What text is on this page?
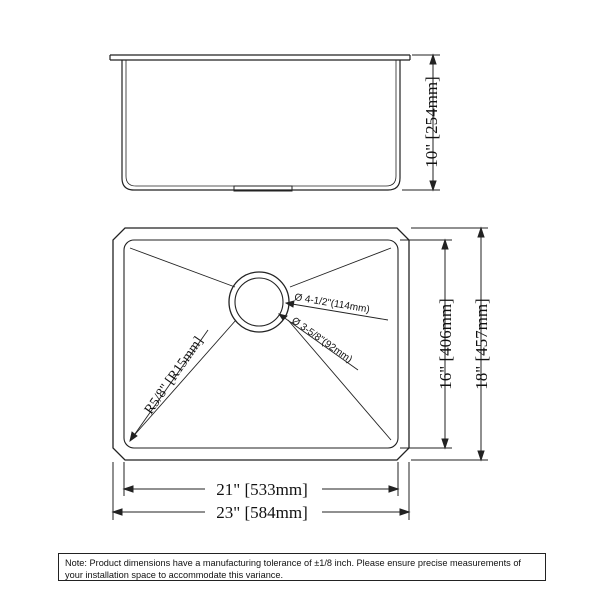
10" [254mm]
Ø 4-1/2"(114mm)
Ø 3-5/8"(92mm)
R5/8" [R15mm]	16" [406mm] 18" [457mm]
21" [533mm]
23" [584mm]
Note: Product dimensions have a manufacturing tolerance of ±1/8 inch. Please ensure precise measurements of your installation space to accommodate this variance.
